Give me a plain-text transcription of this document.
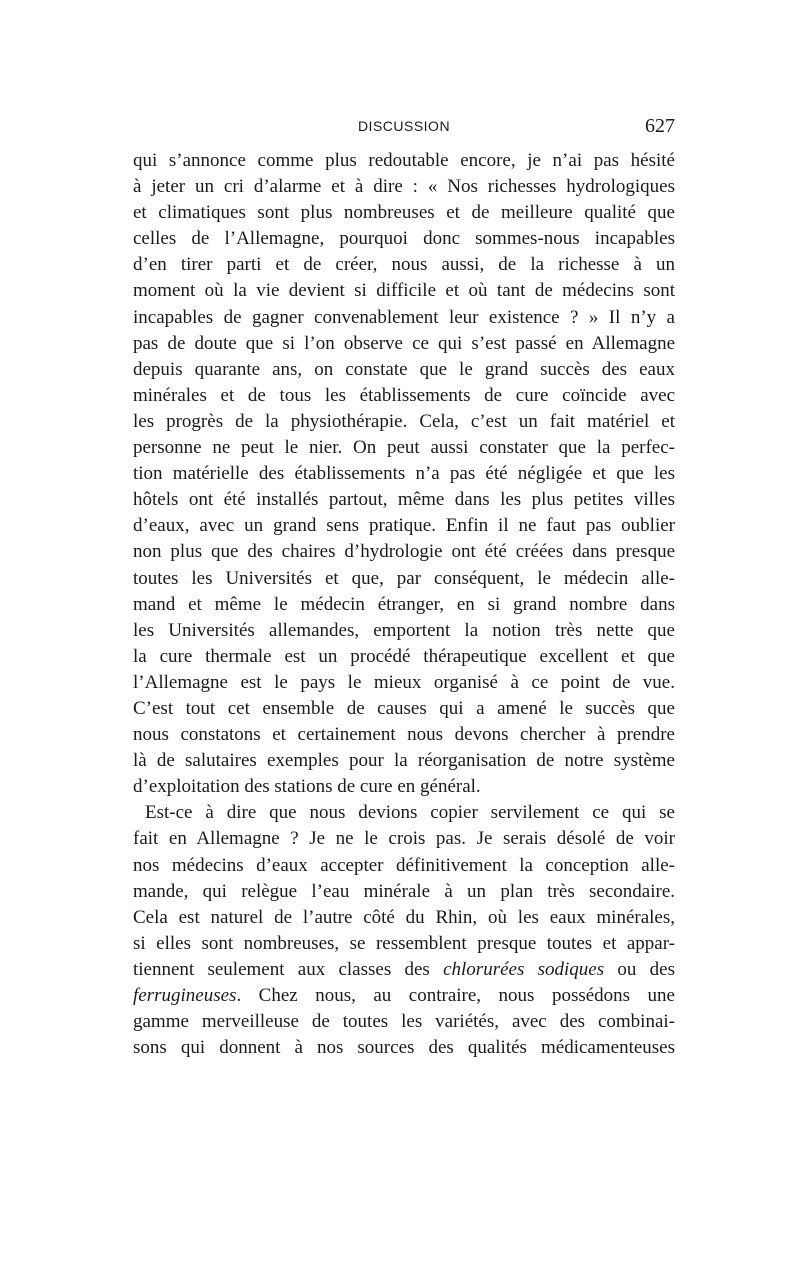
DISCUSSION	627
qui s’annonce comme plus redoutable encore, je n’ai pas hésité
à jeter un cri d’alarme et à dire : « Nos richesses hydrologiques
et climatiques sont plus nombreuses et de meilleure qualité que
celles de l’Allemagne, pourquoi donc sommes-nous incapables
d’en tirer parti et de créer, nous aussi, de la richesse à un
moment où la vie devient si difficile et où tant de médecins sont
incapables de gagner convenablement leur existence ? » Il n’y a
pas de doute que si l’on observe ce qui s’est passé en Allemagne
depuis quarante ans, on constate que le grand succès des eaux
minérales et de tous les établissements de cure coïncide avec
les progrès de la physiothérapie. Cela, c’est un fait matériel et
personne ne peut le nier. On peut aussi constater que la perfec-
tion matérielle des établissements n’a pas été négligée et que les
hôtels ont été installés partout, même dans les plus petites villes
d’eaux, avec un grand sens pratique. Enfin il ne faut pas oublier
non plus que des chaires d’hydrologie ont été créées dans presque
toutes les Universités et que, par conséquent, le médecin alle-
mand et même le médecin étranger, en si grand nombre dans
les Universités allemandes, emportent la notion très nette que
la cure thermale est un procédé thérapeutique excellent et que
l’Allemagne est le pays le mieux organisé à ce point de vue.
C’est tout cet ensemble de causes qui a amené le succès que
nous constatons et certainement nous devons chercher à prendre
là de salutaires exemples pour la réorganisation de notre système
d’exploitation des stations de cure en général.
Est-ce à dire que nous devions copier servilement ce qui se
fait en Allemagne ? Je ne le crois pas. Je serais désolé de voir
nos médecins d’eaux accepter définitivement la conception alle-
mande, qui relègue l’eau minérale à un plan très secondaire.
Cela est naturel de l’autre côté du Rhin, où les eaux minérales,
si elles sont nombreuses, se ressemblent presque toutes et appar-
tiennent seulement aux classes des chlorurées sodiques ou des
ferrugineuses. Chez nous, au contraire, nous possédons une
gamme merveilleuse de toutes les variétés, avec des combinai-
sons qui donnent à nos sources des qualités médicamenteuses
